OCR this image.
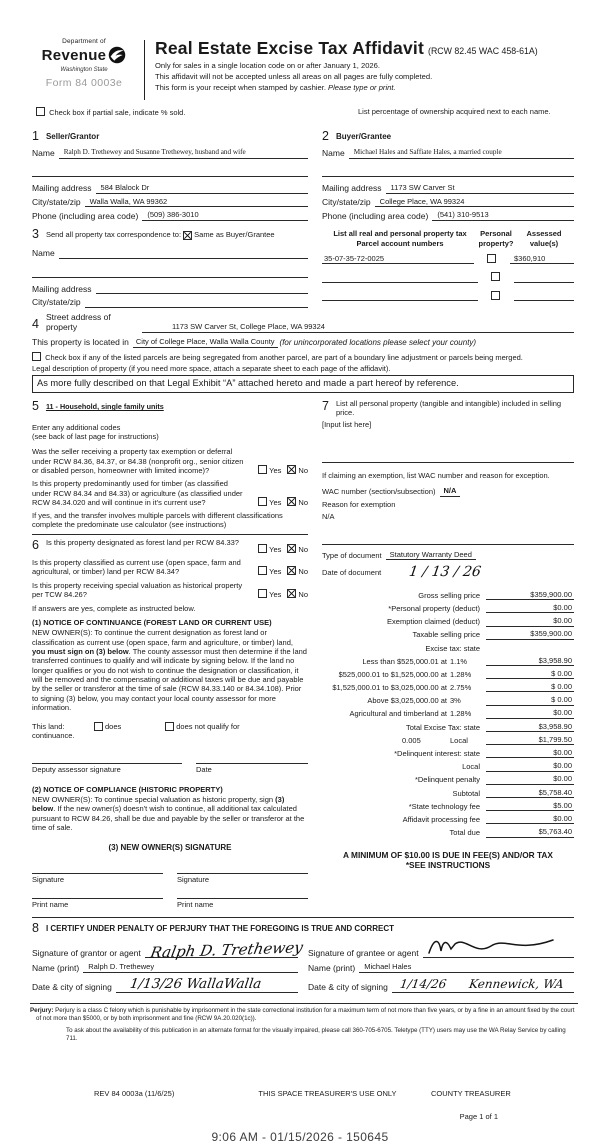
Department of
Revenue
Washington State
Form 84 0003e
Real Estate Excise Tax Affidavit (RCW 82.45 WAC 458-61A)
Only for sales in a single location code on or after January 1, 2026.
This affidavit will not be accepted unless all areas on all pages are fully completed.
This form is your receipt when stamped by cashier. Please type or print.
Check box if partial sale, indicate % sold.	List percentage of ownership acquired next to each name.
1 Seller/Grantor
Name	Ralph D. Trethewey and Susanne Trethewey, husband and wife
Mailing address	584 Blalock Dr
City/state/zip	Walla Walla, WA 99362
Phone (including area code)	(509) 386-3010
2 Buyer/Grantee
Name	Michael Hales and Saffiate Hales, a married couple
Mailing address	1173 SW Carver St
City/state/zip	College Place, WA 99324
Phone (including area code)	(541) 310-9513
3 Send all property tax correspondence to:
Same as Buyer/Grantee
Name
Mailing address
City/state/zip
List all real and personal property tax
Parcel account numbers
Personal
property?
Assessed
value(s)
35-07-35-72-0025	$360,910
4
Street address of
property	1173 SW Carver St, College Place, WA 99324
This property is located in City of College Place, Walla Walla County (for unincorporated locations please select your county)
Check box if any of the listed parcels are being segregated from another parcel, are part of a boundary line adjustment or parcels being merged.
Legal description of property (if you need more space, attach a separate sheet to each page of the affidavit).
As more fully described on that Legal Exhibit “A” attached hereto and made a part hereof by reference.
5 11 - Household, single family units
Enter any additional codes
(see back of last page for instructions)
Was the seller receiving a property tax exemption or deferral under RCW 84.36, 84.37, or 84.38 (nonprofit org., senior citizen or disabled person, homeowner with limited income)?	Yes No
Is this property predominantly used for timber (as classified under RCW 84.34 and 84.33) or agriculture (as classified under RCW 84.34.020 and will continue in it's current use?	Yes No
If yes, and the transfer involves multiple parcels with different classifications complete the predominate use calculator (see instructions)
6 Is this property designated as forest land per RCW 84.33?
Yes No
Is this property classified as current use (open space, farm and agricultural, or timber) land per RCW 84.34?	Yes No
Is this property receiving special valuation as historical property per TCW 84.26?	Yes No
If answers are yes, complete as instructed below.
(1) NOTICE OF CONTINUANCE (FOREST LAND OR CURRENT USE)
NEW OWNER(S): To continue the current designation as forest land or classification as current use (open space, farm and agriculture, or timber) land, you must sign on (3) below. The county assessor must then determine if the land transferred continues to qualify and will indicate by signing below. If the land no longer qualifies or you do not wish to continue the designation or classification, it will be removed and the compensating or additional taxes will be due and payable by the seller or transferor at the time of sale (RCW 84.33.140 or 84.34.108). Prior to signing (3) below, you may contact your local county assessor for more information.
This land:	does	does not qualify for
continuance.
Deputy assessor signature	Date
(2) NOTICE OF COMPLIANCE (HISTORIC PROPERTY)
NEW OWNER(S): To continue special valuation as historic property, sign (3) below. If the new owner(s) doesn't wish to continue, all additional tax calculated pursuant to RCW 84.26, shall be due and payable by the seller or transferor at the time of sale.
(3) NEW OWNER(S) SIGNATURE
Signature	Signature
Print name	Print name
7 List all personal property (tangible and intangible) included in selling price.
[Input list here]
If claiming an exemption, list WAC number and reason for exception.
WAC number (section/subsection)	N/A
Reason for exemption
N/A
Type of document	Statutory Warranty Deed
Date of document 1 / 13 / 26
Gross selling price	$359,900.00
*Personal property (deduct)	$0.00
Exemption claimed (deduct)	$0.00
Taxable selling price	$359,900.00
Excise tax: state
Less than $525,000.01 at 1.1%	$3,958.90
$525,000.01 to $1,525,000.00 at 1.28%	$ 0.00
$1,525,000.01 to $3,025,000.00 at 2.75%	$ 0.00
Above $3,025,000.00 at 3%	$ 0.00
Agricultural and timberland at 1.28%	$0.00
Total Excise Tax: state	$3,958.90
0.005	Local	$1,799.50
*Delinquent interest: state	$0.00
Local	$0.00
*Delinquent penalty	$0.00
Subtotal	$5,758.40
*State technology fee	$5.00
Affidavit processing fee	$0.00
Total due	$5,763.40
A MINIMUM OF $10.00 IS DUE IN FEE(S) AND/OR TAX
*SEE INSTRUCTIONS
8 I CERTIFY UNDER PENALTY OF PERJURY THAT THE FOREGOING IS TRUE AND CORRECT
Signature of grantor or agent Ralph D. Trethewey
Name (print)	Ralph D. Trethewey
Date & city of signing 1/13/26 WallaWalla
Signature of grantee or agent
Name (print)	Michael Hales
Date & city of signing 1/14/26      Kennewick, WA
Perjury: Perjury is a class C felony which is punishable by imprisonment in the state correctional institution for a maximum term of not more than five years, or by a fine in an amount fixed by the court of not more than $5000, or by both imprisonment and fine (RCW 9A.20.020(1c)).
To ask about the availability of this publication in an alternate format for the visually impaired, please call 360-705-6705. Teletype (TTY) users may use the WA Relay Service by calling 711.
REV 84 0003a (11/6/25)	THIS SPACE TREASURER'S USE ONLY	COUNTY TREASURER
Page 1 of 1
9:06 AM - 01/15/2026 - 150645
